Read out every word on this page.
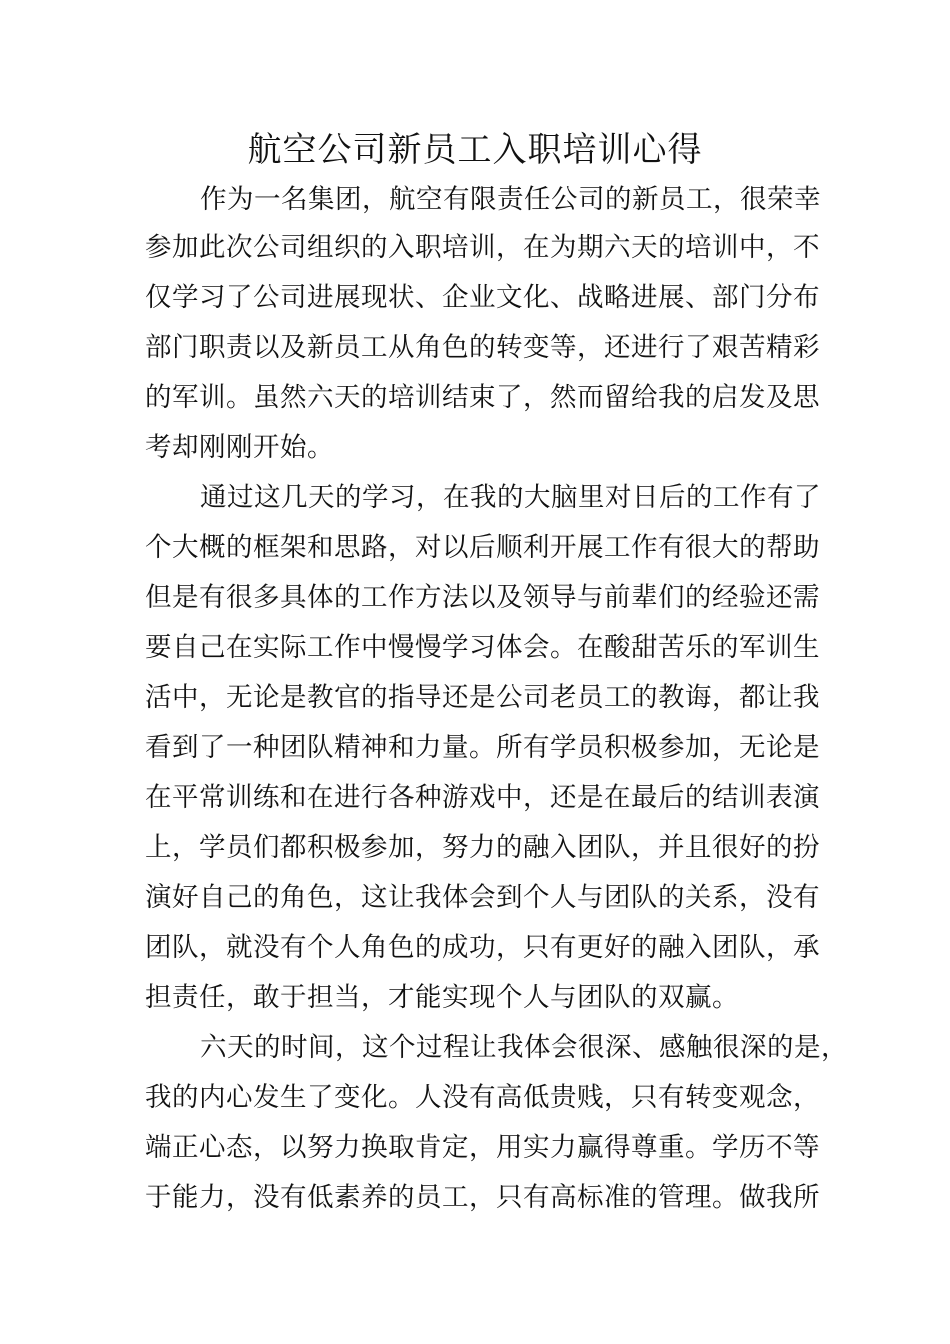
航空公司新员工入职培训心得
作为一名集团，航空有限责任公司的新员工，很荣幸
参加此次公司组织的入职培训，在为期六天的培训中，不
仅学习了公司进展现状、企业文化、战略进展、部门分布
部门职责以及新员工从角色的转变等，还进行了艰苦精彩
的军训。虽然六天的培训结束了，然而留给我的启发及思
考却刚刚开始。
通过这几天的学习，在我的大脑里对日后的工作有了
个大概的框架和思路，对以后顺利开展工作有很大的帮助
但是有很多具体的工作方法以及领导与前辈们的经验还需
要自己在实际工作中慢慢学习体会。在酸甜苦乐的军训生
活中，无论是教官的指导还是公司老员工的教诲，都让我
看到了一种团队精神和力量。所有学员积极参加，无论是
在平常训练和在进行各种游戏中，还是在最后的结训表演
上，学员们都积极参加，努力的融入团队，并且很好的扮
演好自己的角色，这让我体会到个人与团队的关系，没有
团队，就没有个人角色的成功，只有更好的融入团队，承
担责任，敢于担当，才能实现个人与团队的双赢。
六天的时间，这个过程让我体会很深、感触很深的是，
我的内心发生了变化。人没有高低贵贱，只有转变观念，
端正心态，以努力换取肯定，用实力赢得尊重。学历不等
于能力，没有低素养的员工，只有高标准的管理。做我所
